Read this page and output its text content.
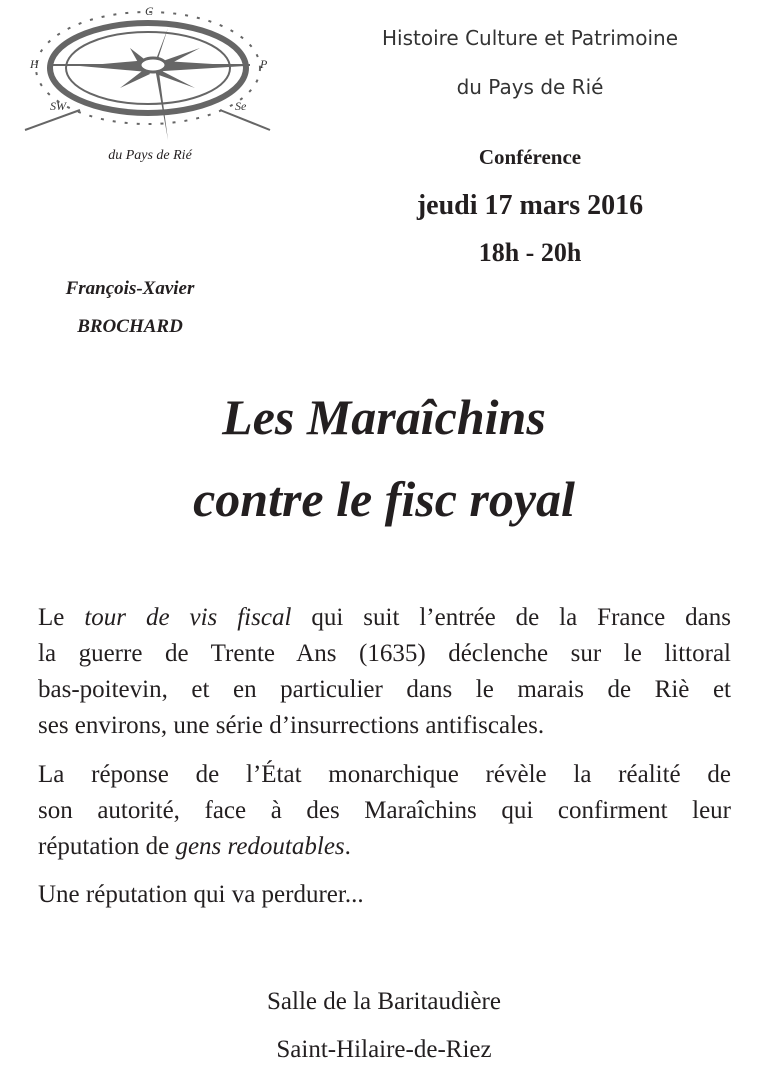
C
H	P
SW	Se
du Pays de Rié
Histoire Culture et Patrimoine
du Pays de Rié
Conférence
jeudi 17 mars 2016
18h - 20h
François-Xavier
BROCHARD
Les Maraîchins
contre le fisc royal
Le tour de vis fiscal qui suit l’entrée de la France dans
la guerre de Trente Ans (1635) déclenche sur le littoral
bas-poitevin, et en particulier dans le marais de Riè et
ses environs, une série d’insurrections antifiscales.
La réponse de l’État monarchique révèle la réalité de
son autorité, face à des Maraîchins qui confirment leur
réputation de gens redoutables.
Une réputation qui va perdurer...
Salle de la Baritaudière
Saint-Hilaire-de-Riez
